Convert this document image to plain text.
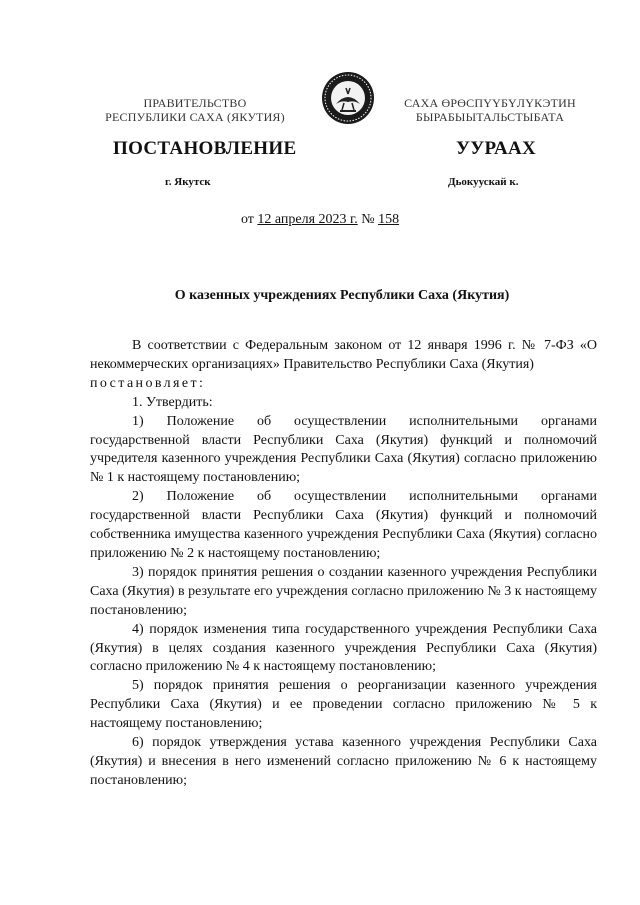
ПРАВИТЕЛЬСТВО
РЕСПУБЛИКИ САХА (ЯКУТИЯ)
САХА ӨРӨСПҮҮБҮЛҮКЭТИН
БЫРАБЫЫТАЛЬСТЫБАТА
ПОСТАНОВЛЕНИЕ	УУРААХ
г. Якутск	Дьокуускай к.
от 12 апреля 2023 г. № 158
О казенных учреждениях Республики Саха (Якутия)

В соответствии с Федеральным законом от 12 января 1996 г. № 7-ФЗ «О некоммерческих организациях» Правительство Республики Саха (Якутия)

постановляет:

1. Утвердить:

1) Положение об осуществлении исполнительными органами государственной власти Республики Саха (Якутия) функций и полномочий учредителя казенного учреждения Республики Саха (Якутия) согласно приложению № 1 к настоящему постановлению;

2) Положение об осуществлении исполнительными органами государственной власти Республики Саха (Якутия) функций и полномочий собственника имущества казенного учреждения Республики Саха (Якутия) согласно приложению № 2 к настоящему постановлению;

3) порядок принятия решения о создании казенного учреждения Республики Саха (Якутия) в результате его учреждения согласно приложению № 3 к настоящему постановлению;

4) порядок изменения типа государственного учреждения Республики Саха (Якутия) в целях создания казенного учреждения Республики Саха (Якутия) согласно приложению № 4 к настоящему постановлению;

5) порядок принятия решения о реорганизации казенного учреждения Республики Саха (Якутия) и ее проведении согласно приложению № 5 к настоящему постановлению;

6) порядок утверждения устава казенного учреждения Республики Саха (Якутия) и внесения в него изменений согласно приложению № 6 к настоящему постановлению;
